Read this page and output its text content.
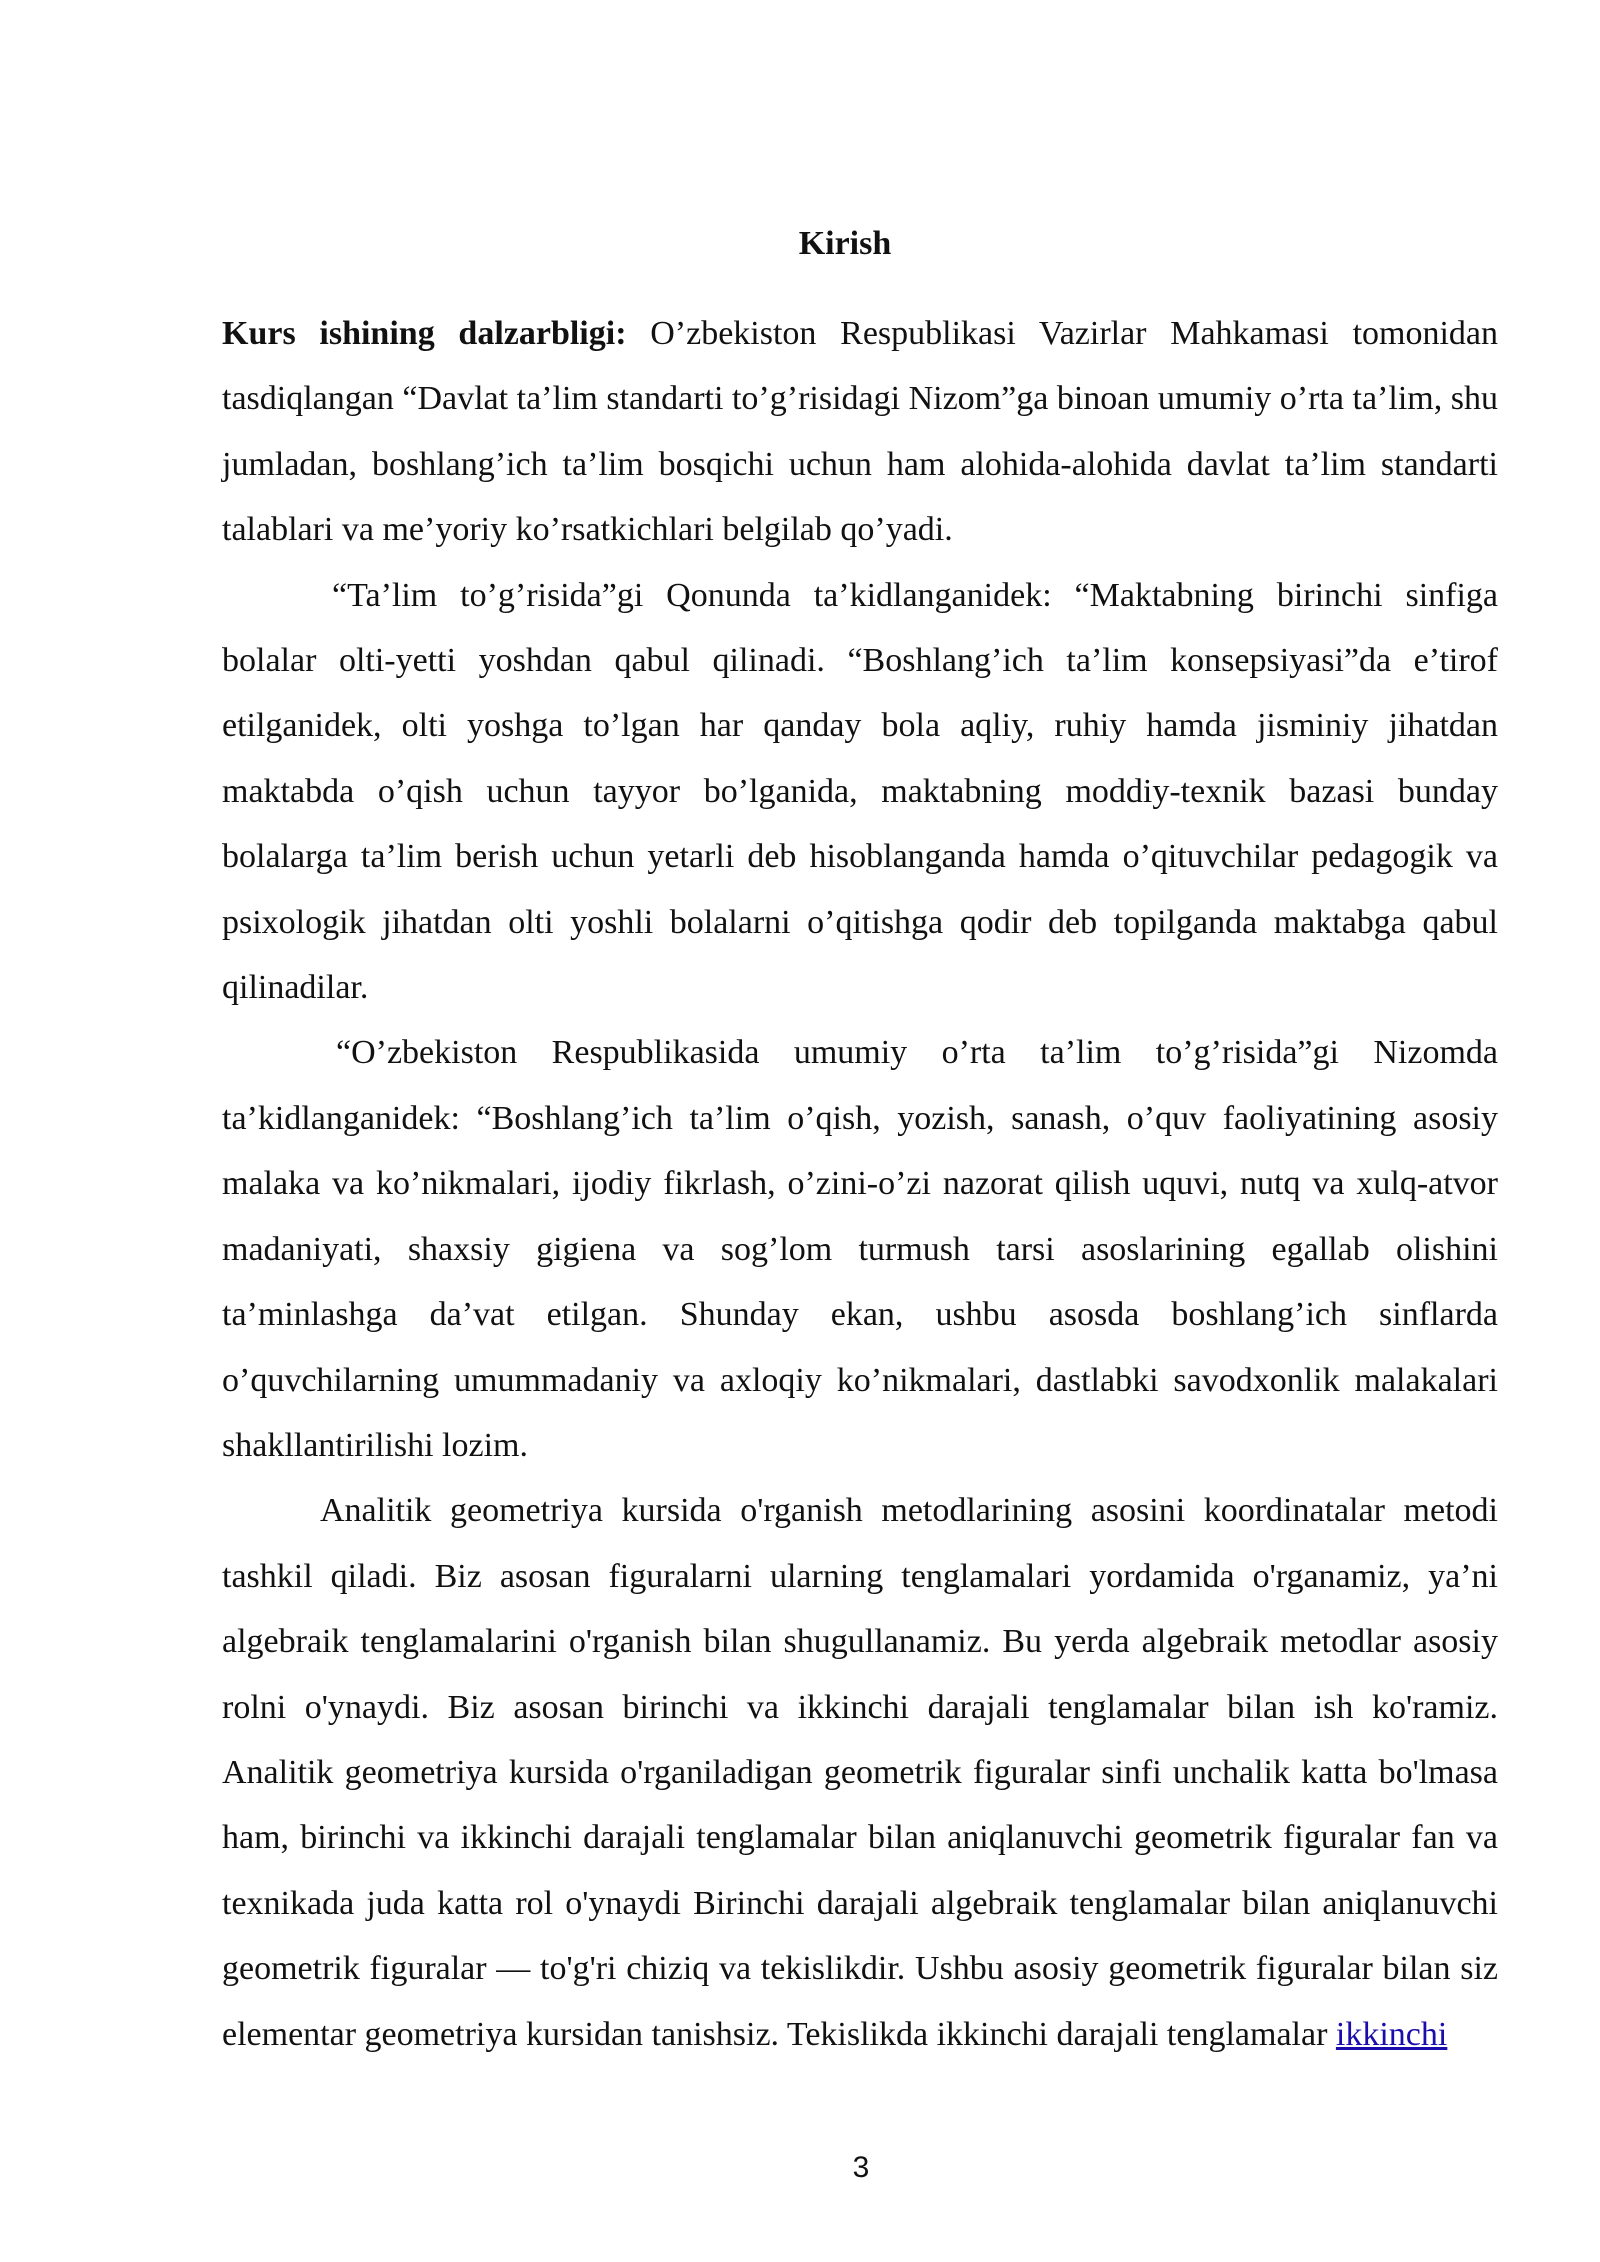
Kirish

Kurs ishining dalzarbligi: O’zbekiston Respublikasi Vazirlar Mahkamasi tomonidan tasdiqlangan “Davlat ta’lim standarti to’g’risidagi Nizom”ga binoan umumiy o’rta ta’lim, shu jumladan, boshlang’ich ta’lim bosqichi uchun ham alohida-alohida davlat ta’lim standarti talablari va me’yoriy ko’rsatkichlari belgilab qo’yadi.

“Ta’lim to’g’risida”gi Qonunda ta’kidlanganidek: “Maktabning birinchi sinfiga bolalar olti-yetti yoshdan qabul qilinadi. “Boshlang’ich ta’lim konsepsiyasi”da e’tirof etilganidek, olti yoshga to’lgan har qanday bola aqliy, ruhiy hamda jisminiy jihatdan maktabda o’qish uchun tayyor bo’lganida, maktabning moddiy-texnik bazasi bunday bolalarga ta’lim berish uchun yetarli deb hisoblanganda hamda o’qituvchilar pedagogik va psixologik jihatdan olti yoshli bolalarni o’qitishga qodir deb topilganda maktabga qabul qilinadilar.

“O’zbekiston Respublikasida umumiy o’rta ta’lim to’g’risida”gi Nizomda ta’kidlanganidek: “Boshlang’ich ta’lim o’qish, yozish, sanash, o’quv faoliyatining asosiy malaka va ko’nikmalari, ijodiy fikrlash, o’zini-o’zi nazorat qilish uquvi, nutq va xulq-atvor madaniyati, shaxsiy gigiena va sog’lom turmush tarsi asoslarining egallab olishini ta’minlashga da’vat etilgan. Shunday ekan, ushbu asosda boshlang’ich sinflarda o’quvchilarning umummadaniy va axloqiy ko’nikmalari, dastlabki savodxonlik malakalari shakllantirilishi lozim.

Analitik geometriya kursida o'rganish metodlarining asosini koordinatalar metodi tashkil qiladi. Biz asosan figuralarni ularning tenglamalari yordamida o'rganamiz, ya’ni algebraik tenglamalarini o'rganish bilan shugullanamiz. Bu yerda algebraik metodlar asosiy rolni o'ynaydi. Biz asosan birinchi va ikkinchi darajali tenglamalar bilan ish ko'ramiz. Analitik geometriya kursida o'rganiladigan geometrik figuralar sinfi unchalik katta bo'lmasa ham, birinchi va ikkinchi darajali tenglamalar bilan aniqlanuvchi geometrik figuralar fan va texnikada juda katta rol o'ynaydi Birinchi darajali algebraik tenglamalar bilan aniqlanuvchi geometrik figuralar — to'g'ri chiziq va tekislikdir. Ushbu asosiy geometrik figuralar bilan siz elementar geometriya kursidan tanishsiz. Tekislikda ikkinchi darajali tenglamalar ikkinchi

3
